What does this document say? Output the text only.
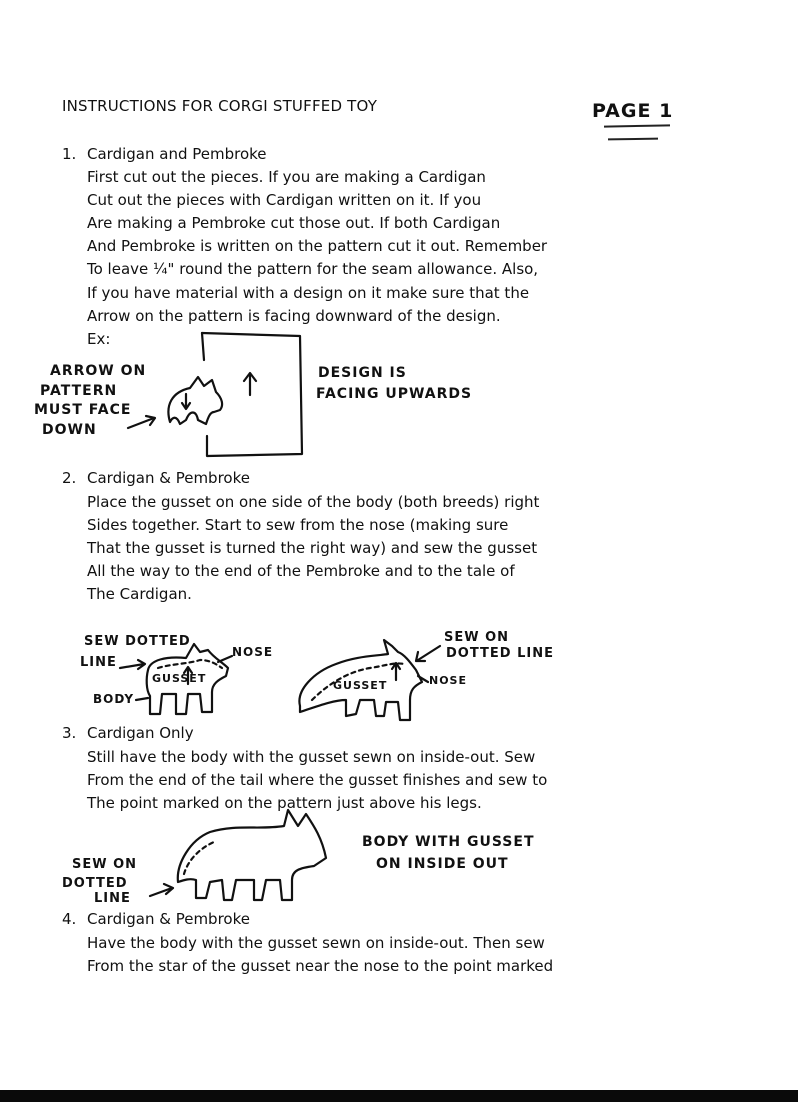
INSTRUCTIONS FOR CORGI STUFFED TOY	PAGE 1
1. Cardigan and Pembroke
First cut out the pieces. If you are making a Cardigan
Cut out the pieces with Cardigan written on it. If you
Are making a Pembroke cut those out. If both Cardigan
And Pembroke is written on the pattern cut it out. Remember
To leave ¼" round the pattern for the seam allowance. Also,
If you have material with a design on it make sure that the
Arrow on the pattern is facing downward of the design.
Ex:
ARROW ON
PATTERN
MUST FACE
DOWN
DESIGN IS
FACING UPWARDS
2. Cardigan & Pembroke
Place the gusset on one side of the body (both breeds) right
Sides together. Start to sew from the nose (making sure
That the gusset is turned the right way) and sew the gusset
All the way to the end of the Pembroke and to the tale of
The Cardigan.
SEW DOTTED
LINE
NOSE
GUSSET
BODY
SEW ON
DOTTED LINE
GUSSET	NOSE
3. Cardigan Only
Still have the body with the gusset sewn on inside-out. Sew
From the end of the tail where the gusset finishes and sew to
The point marked on the pattern just above his legs.
SEW ON
DOTTED
LINE
BODY WITH GUSSET
ON INSIDE OUT
4. Cardigan & Pembroke
Have the body with the gusset sewn on inside-out. Then sew
From the star of the gusset near the nose to the point marked
